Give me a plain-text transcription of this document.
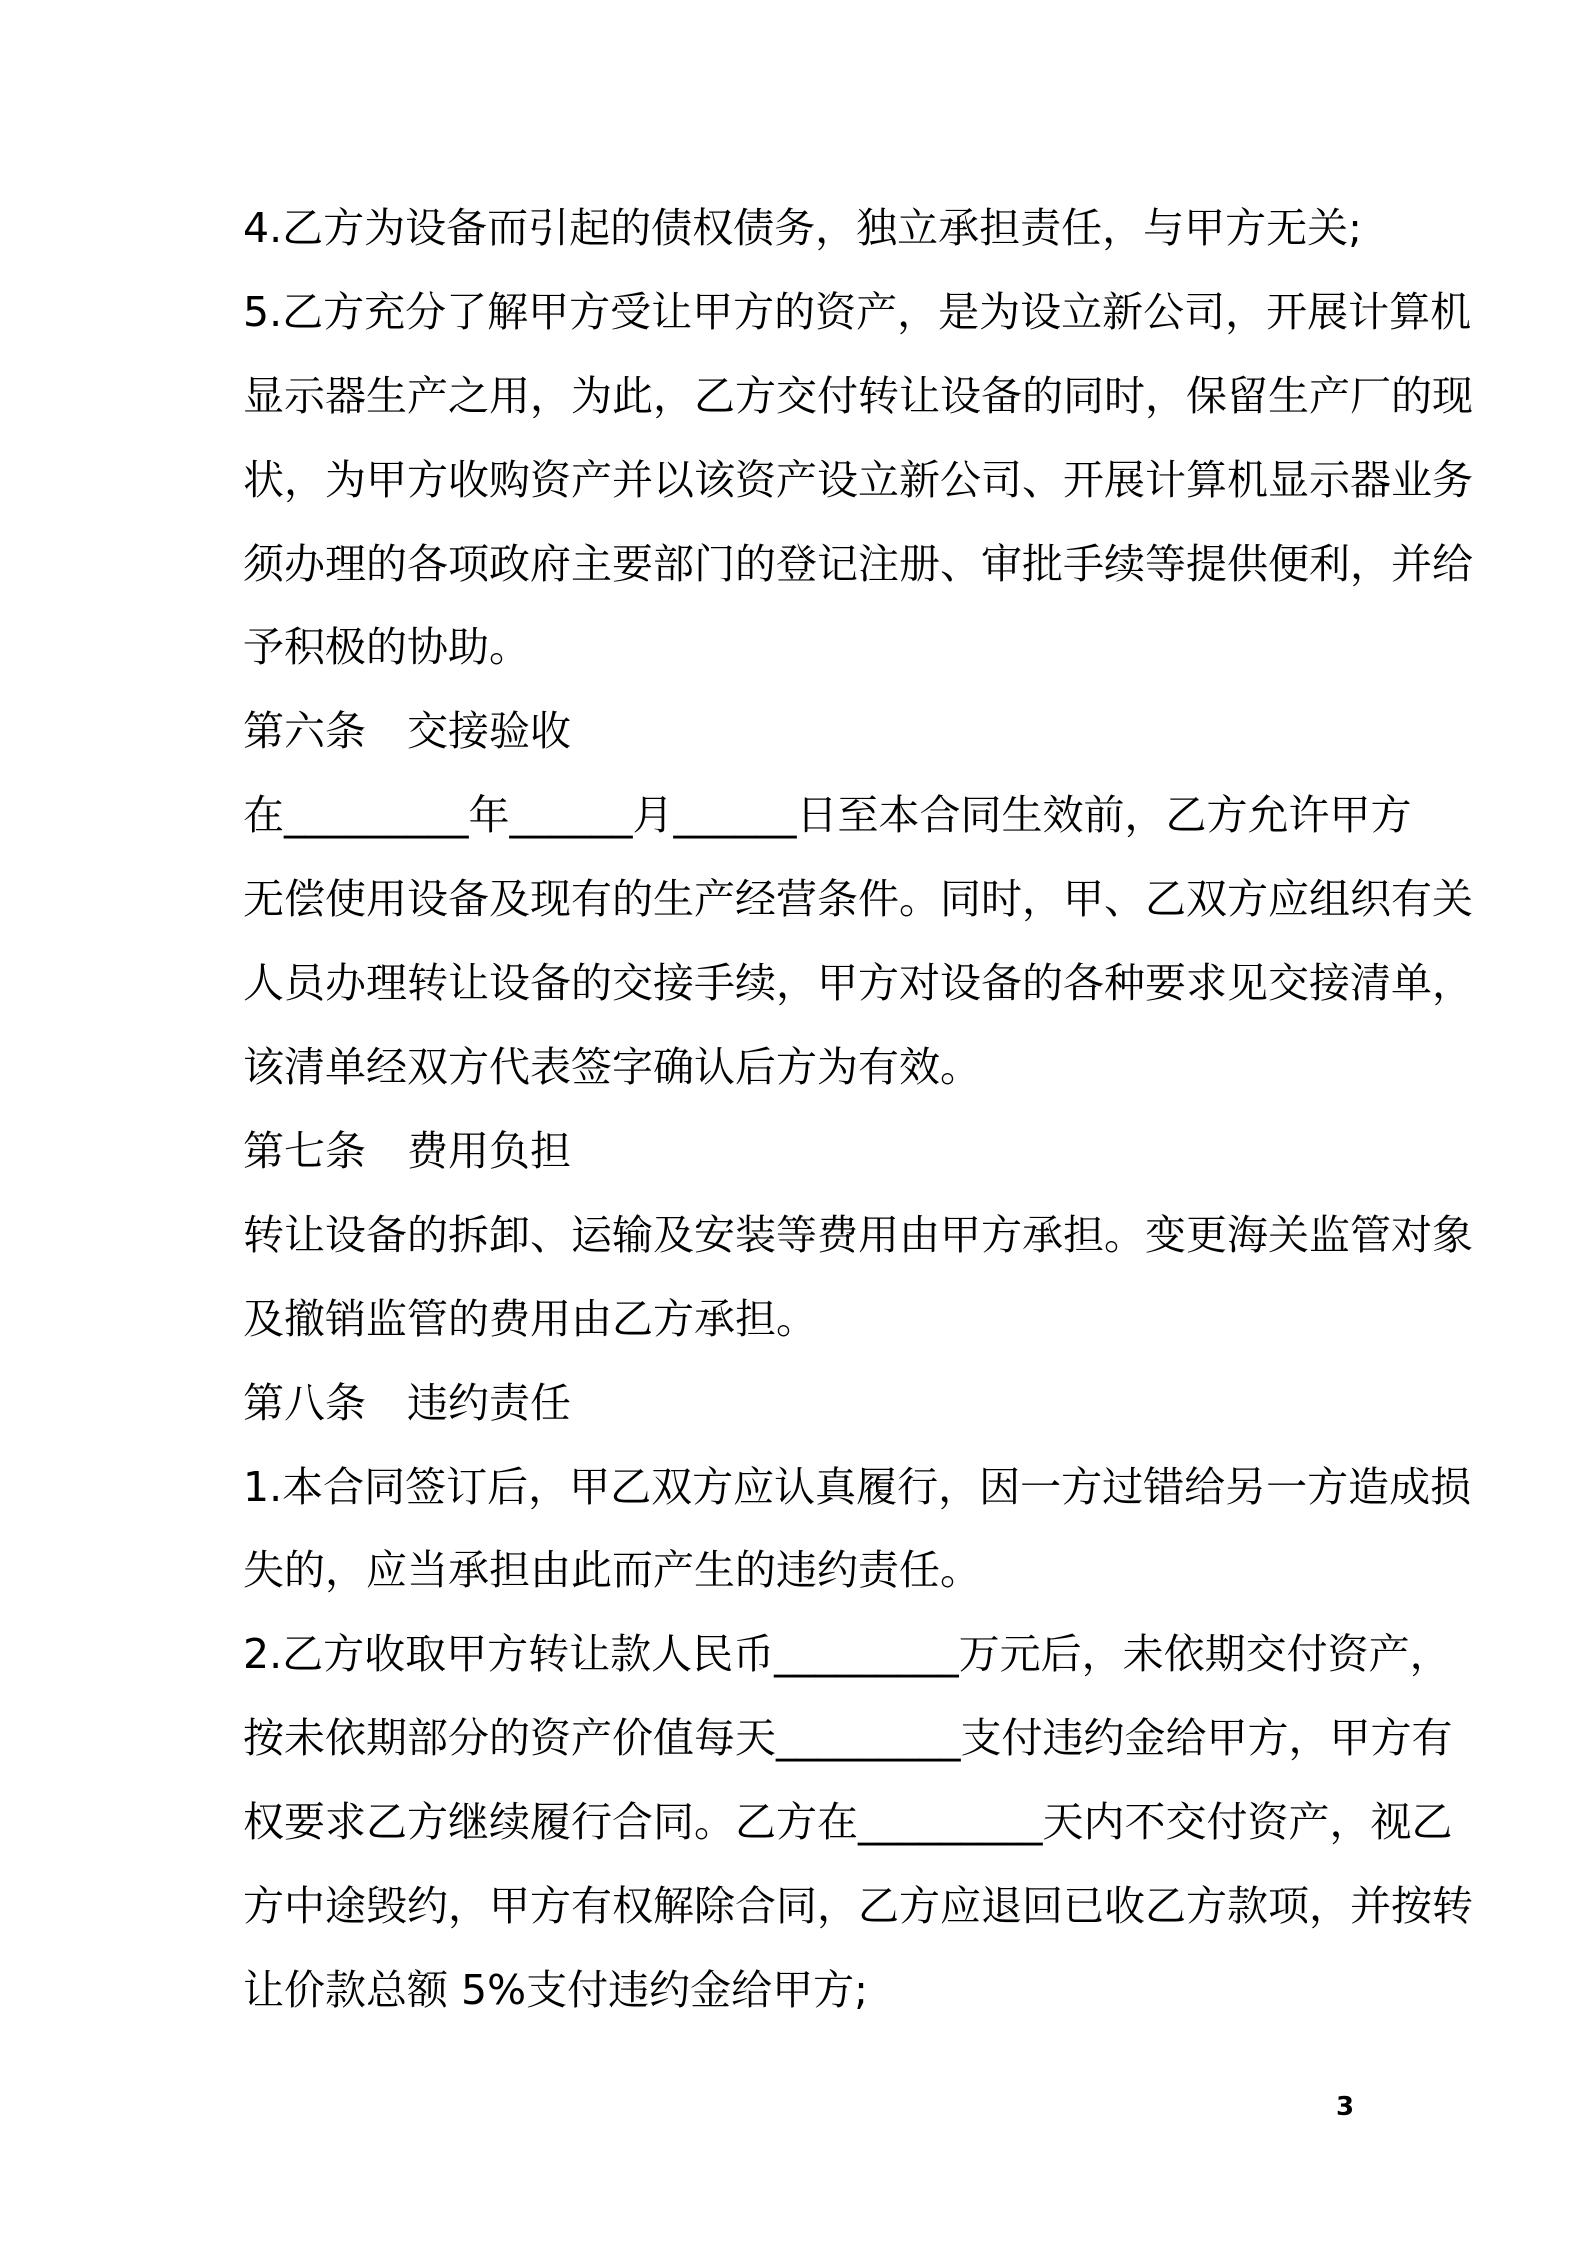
4.乙方为设备而引起的债权债务，独立承担责任，与甲方无关;
5.乙方充分了解甲方受让甲方的资产，是为设立新公司，开展计算机
显示器生产之用，为此，乙方交付转让设备的同时，保留生产厂的现
状，为甲方收购资产并以该资产设立新公司、开展计算机显示器业务
须办理的各项政府主要部门的登记注册、审批手续等提供便利，并给
予积极的协助。
第六条　交接验收
在_________年______月______日至本合同生效前，乙方允许甲方
无偿使用设备及现有的生产经营条件。同时，甲、乙双方应组织有关
人员办理转让设备的交接手续，甲方对设备的各种要求见交接清单，
该清单经双方代表签字确认后方为有效。
第七条　费用负担
转让设备的拆卸、运输及安装等费用由甲方承担。变更海关监管对象
及撤销监管的费用由乙方承担。
第八条　违约责任
1.本合同签订后，甲乙双方应认真履行，因一方过错给另一方造成损
失的，应当承担由此而产生的违约责任。
2.乙方收取甲方转让款人民币_________万元后，未依期交付资产，
按未依期部分的资产价值每天_________支付违约金给甲方，甲方有
权要求乙方继续履行合同。乙方在_________天内不交付资产，视乙
方中途毁约，甲方有权解除合同，乙方应退回已收乙方款项，并按转
让价款总额 5%支付违约金给甲方;
3
